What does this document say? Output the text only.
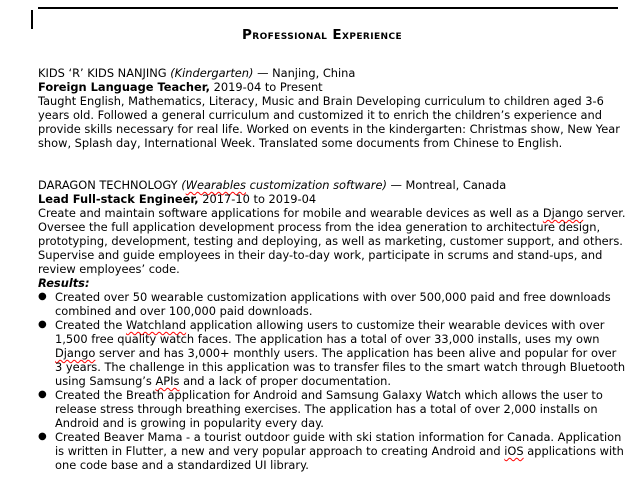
Professional Experience

KIDS ‘R’ KIDS NANJING (Kindergarten) — Nanjing, China

Foreign Language Teacher, 2019-04 to Present

Taught English, Mathematics, Literacy, Music and Brain Developing curriculum to children aged 3-6 years old. Followed a general curriculum and customized it to enrich the children’s experience and provide skills necessary for real life. Worked on events in the kindergarten: Christmas show, New Year show, Splash day, International Week. Translated some documents from Chinese to English.

DARAGON TECHNOLOGY (Wearables customization software) — Montreal, Canada

Lead Full-stack Engineer, 2017-10 to 2019-04

Create and maintain software applications for mobile and wearable devices as well as a Django server. Oversee the full application development process from the idea generation to architecture design, prototyping, development, testing and deploying, as well as marketing, customer support, and others. Supervise and guide employees in their day-to-day work, participate in scrums and stand-ups, and review employees’ code.

Results:

● Created over 50 wearable customization applications with over 500,000 paid and free downloads combined and over 100,000 paid downloads.
● Created the Watchland application allowing users to customize their wearable devices with over 1,500 free quality watch faces. The application has a total of over 33,000 installs, uses my own Django server and has 3,000+ monthly users. The application has been alive and popular for over 3 years. The challenge in this application was to transfer files to the smart watch through Bluetooth using Samsung’s APIs and a lack of proper documentation.
● Created the Breath application for Android and Samsung Galaxy Watch which allows the user to release stress through breathing exercises. The application has a total of over 2,000 installs on Android and is growing in popularity every day.
● Created Beaver Mama - a tourist outdoor guide with ski station information for Canada. Application is written in Flutter, a new and very popular approach to creating Android and iOS applications with one code base and a standardized UI library.
